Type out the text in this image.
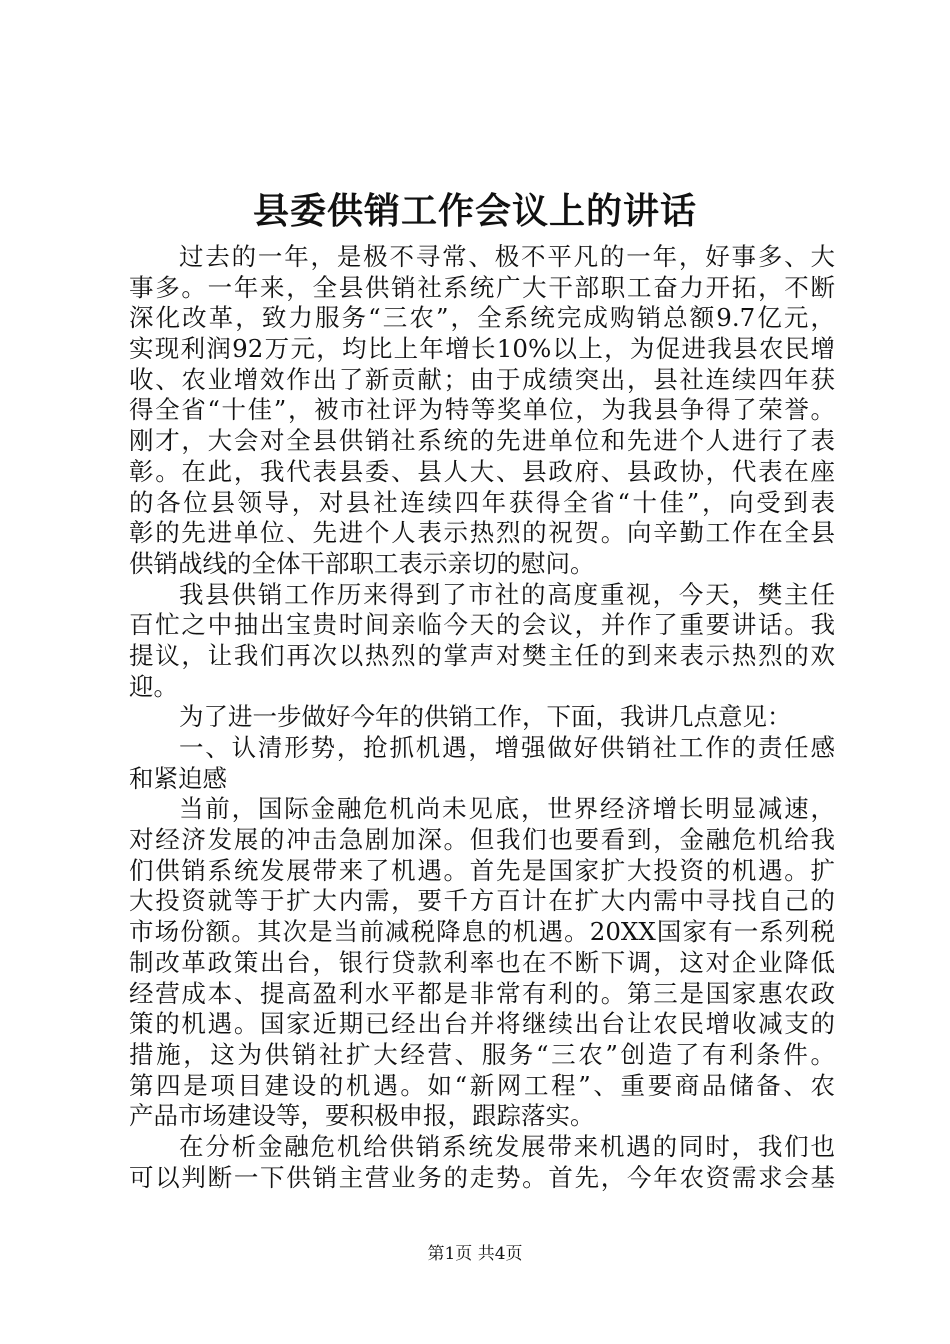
县委供销工作会议上的讲话
过去的一年，是极不寻常、极不平凡的一年，好事多、大
事多。一年来，全县供销社系统广大干部职工奋力开拓，不断
深化改革，致力服务“三农”，全系统完成购销总额9.7亿元，
实现利润92万元，均比上年增长10%以上，为促进我县农民增
收、农业增效作出了新贡献；由于成绩突出，县社连续四年获
得全省“十佳”，被市社评为特等奖单位，为我县争得了荣誉。
刚才，大会对全县供销社系统的先进单位和先进个人进行了表
彰。在此，我代表县委、县人大、县政府、县政协，代表在座
的各位县领导，对县社连续四年获得全省“十佳”，向受到表
彰的先进单位、先进个人表示热烈的祝贺。向辛勤工作在全县
供销战线的全体干部职工表示亲切的慰问。
我县供销工作历来得到了市社的高度重视，今天，樊主任
百忙之中抽出宝贵时间亲临今天的会议，并作了重要讲话。我
提议，让我们再次以热烈的掌声对樊主任的到来表示热烈的欢
迎。
为了进一步做好今年的供销工作，下面，我讲几点意见：
一、认清形势，抢抓机遇，增强做好供销社工作的责任感
和紧迫感
当前，国际金融危机尚未见底，世界经济增长明显减速，
对经济发展的冲击急剧加深。但我们也要看到，金融危机给我
们供销系统发展带来了机遇。首先是国家扩大投资的机遇。扩
大投资就等于扩大内需，要千方百计在扩大内需中寻找自己的
市场份额。其次是当前减税降息的机遇。20XX国家有一系列税
制改革政策出台，银行贷款利率也在不断下调，这对企业降低
经营成本、提高盈利水平都是非常有利的。第三是国家惠农政
策的机遇。国家近期已经出台并将继续出台让农民增收减支的
措施，这为供销社扩大经营、服务“三农”创造了有利条件。
第四是项目建设的机遇。如“新网工程”、重要商品储备、农
产品市场建设等，要积极申报，跟踪落实。
在分析金融危机给供销系统发展带来机遇的同时，我们也
可以判断一下供销主营业务的走势。首先，今年农资需求会基
第1页 共4页
